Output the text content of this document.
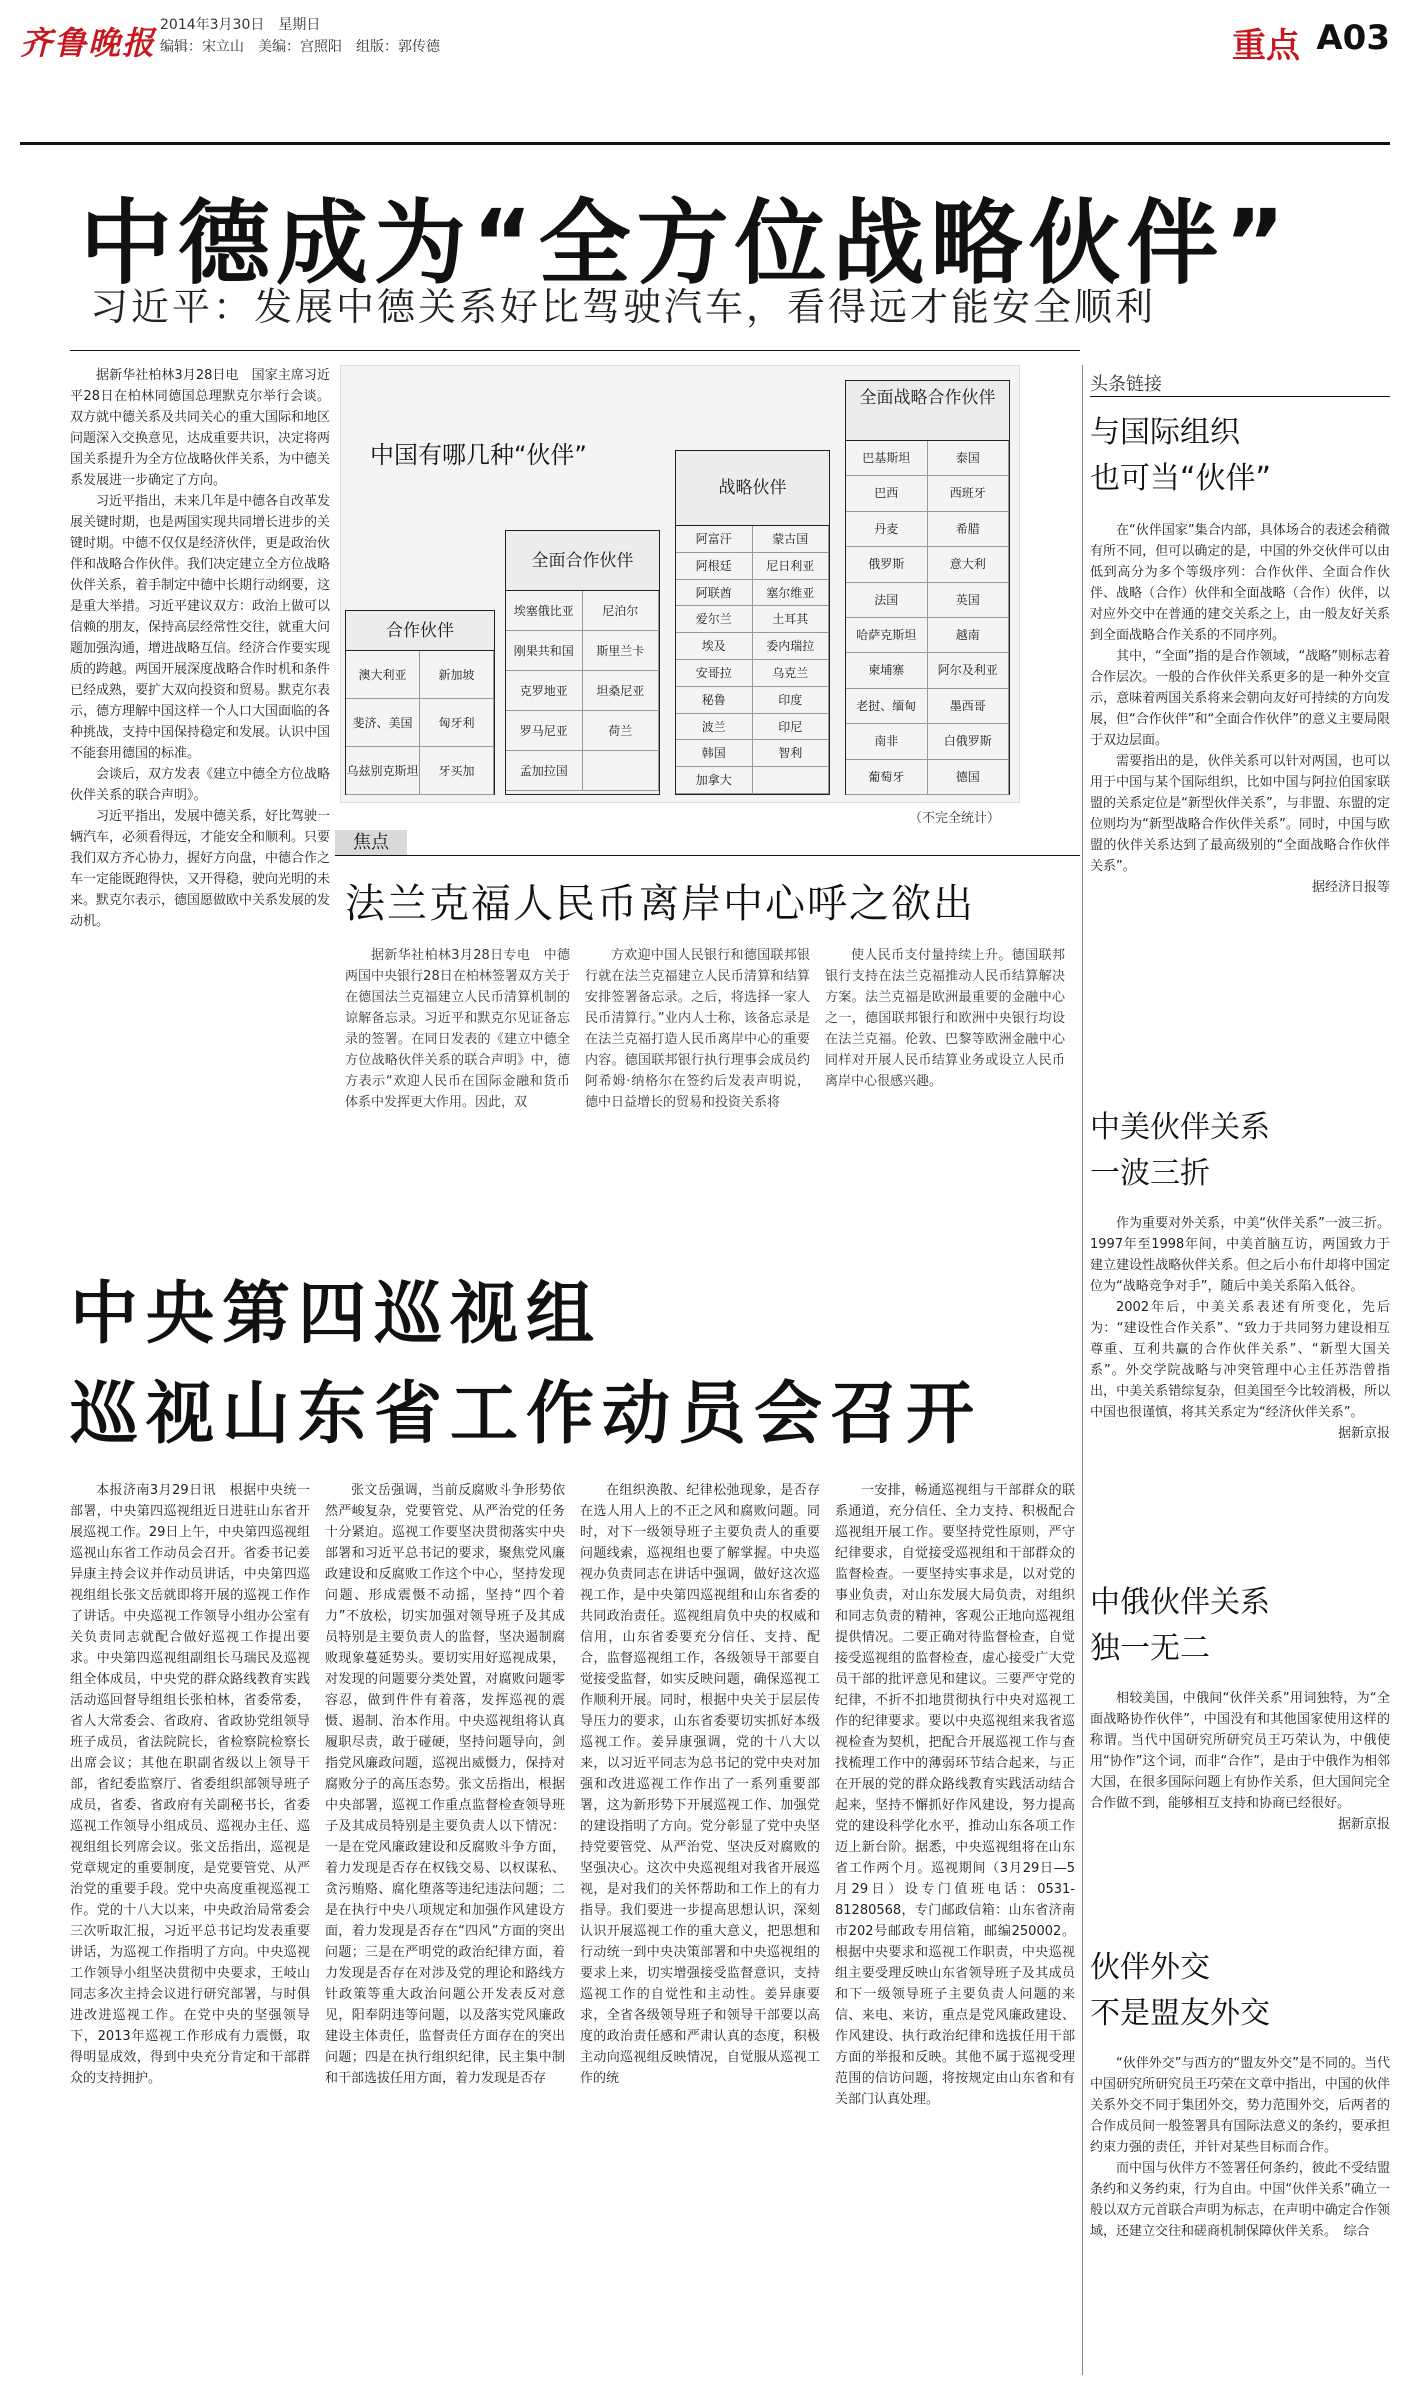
齐鲁晚报 2014年3月30日　星期日
编辑：宋立山　美编：宫照阳　组版：郭传德	重点 A03
中德成为“全方位战略伙伴”
习近平：发展中德关系好比驾驶汽车，看得远才能安全顺利

据新华社柏林3月28日电　国家主席习近平28日在柏林同德国总理默克尔举行会谈。双方就中德关系及共同关心的重大国际和地区问题深入交换意见，达成重要共识，决定将两国关系提升为全方位战略伙伴关系，为中德关系发展进一步确定了方向。

习近平指出，未来几年是中德各自改革发展关键时期，也是两国实现共同增长进步的关键时期。中德不仅仅是经济伙伴，更是政治伙伴和战略合作伙伴。我们决定建立全方位战略伙伴关系，着手制定中德中长期行动纲要，这是重大举措。习近平建议双方：政治上做可以信赖的朋友，保持高层经常性交往，就重大问题加强沟通，增进战略互信。经济合作要实现质的跨越。两国开展深度战略合作时机和条件已经成熟，要扩大双向投资和贸易。默克尔表示，德方理解中国这样一个人口大国面临的各种挑战，支持中国保持稳定和发展。认识中国不能套用德国的标准。

会谈后，双方发表《建立中德全方位战略伙伴关系的联合声明》。

习近平指出，发展中德关系，好比驾驶一辆汽车，必须看得远，才能安全和顺利。只要我们双方齐心协力，握好方向盘，中德合作之车一定能既跑得快，又开得稳，驶向光明的未来。默克尔表示，德国愿做欧中关系发展的发动机。

中国有哪几种“伙伴”
合作伙伴
澳大利亚	新加坡
斐济、美国	匈牙利
乌兹别克斯坦	牙买加
全面合作伙伴
埃塞俄比亚	尼泊尔
刚果共和国	斯里兰卡
克罗地亚	坦桑尼亚
罗马尼亚	荷兰
孟加拉国
战略伙伴
阿富汗	蒙古国
阿根廷	尼日利亚
阿联酋	塞尔维亚
爱尔兰	土耳其
埃及	委内瑞拉
安哥拉	乌克兰
秘鲁	印度
波兰	印尼
韩国	智利
加拿大
全面战略合作伙伴
巴基斯坦	泰国
巴西	西班牙
丹麦	希腊
俄罗斯	意大利
法国	英国
哈萨克斯坦	越南
柬埔寨	阿尔及利亚
老挝、缅甸	墨西哥
南非	白俄罗斯
葡萄牙	德国
（不完全统计）
焦点
法兰克福人民币离岸中心呼之欲出
据新华社柏林3月28日专电　中德两国中央银行28日在柏林签署双方关于在德国法兰克福建立人民币清算机制的谅解备忘录。习近平和默克尔见证备忘录的签署。在同日发表的《建立中德全方位战略伙伴关系的联合声明》中，德方表示“欢迎人民币在国际金融和货币体系中发挥更大作用。因此，双
方欢迎中国人民银行和德国联邦银行就在法兰克福建立人民币清算和结算安排签署备忘录。之后，将选择一家人民币清算行。”业内人士称，该备忘录是在法兰克福打造人民币离岸中心的重要内容。德国联邦银行执行理事会成员约阿希姆·纳格尔在签约后发表声明说，德中日益增长的贸易和投资关系将
使人民币支付量持续上升。德国联邦银行支持在法兰克福推动人民币结算解决方案。法兰克福是欧洲最重要的金融中心之一，德国联邦银行和欧洲中央银行均设在法兰克福。伦敦、巴黎等欧洲金融中心同样对开展人民币结算业务或设立人民币离岸中心很感兴趣。
中央第四巡视组
巡视山东省工作动员会召开
本报济南3月29日讯　根据中央统一部署，中央第四巡视组近日进驻山东省开展巡视工作。29日上午，中央第四巡视组巡视山东省工作动员会召开。省委书记姜异康主持会议并作动员讲话，中央第四巡视组组长张文岳就即将开展的巡视工作作了讲话。中央巡视工作领导小组办公室有关负责同志就配合做好巡视工作提出要求。中央第四巡视组副组长马瑞民及巡视组全体成员，中央党的群众路线教育实践活动巡回督导组组长张柏林，省委常委，省人大常委会、省政府、省政协党组领导班子成员，省法院院长，省检察院检察长出席会议；其他在职副省级以上领导干部，省纪委监察厅、省委组织部领导班子成员，省委、省政府有关副秘书长，省委巡视工作领导小组成员、巡视办主任、巡视组组长列席会议。张文岳指出，巡视是党章规定的重要制度，是党要管党、从严治党的重要手段。党中央高度重视巡视工作。党的十八大以来，中央政治局常委会三次听取汇报，习近平总书记均发表重要讲话，为巡视工作指明了方向。中央巡视工作领导小组坚决贯彻中央要求，王岐山同志多次主持会议进行研究部署，与时俱进改进巡视工作。在党中央的坚强领导下，2013年巡视工作形成有力震慑，取得明显成效，得到中央充分肯定和干部群众的支持拥护。
张文岳强调，当前反腐败斗争形势依然严峻复杂，党要管党、从严治党的任务十分紧迫。巡视工作要坚决贯彻落实中央部署和习近平总书记的要求，聚焦党风廉政建设和反腐败工作这个中心，坚持发现问题、形成震慑不动摇，坚持“四个着力”不放松，切实加强对领导班子及其成员特别是主要负责人的监督，坚决遏制腐败现象蔓延势头。要切实用好巡视成果，对发现的问题要分类处置，对腐败问题零容忍，做到件件有着落，发挥巡视的震慑、遏制、治本作用。中央巡视组将认真履职尽责，敢于碰硬，坚持问题导向，剑指党风廉政问题，巡视出威慑力，保持对腐败分子的高压态势。张文岳指出，根据中央部署，巡视工作重点监督检查领导班子及其成员特别是主要负责人以下情况：一是在党风廉政建设和反腐败斗争方面，着力发现是否存在权钱交易、以权谋私、贪污贿赂、腐化堕落等违纪违法问题；二是在执行中央八项规定和加强作风建设方面，着力发现是否存在“四风”方面的突出问题；三是在严明党的政治纪律方面，着力发现是否存在对涉及党的理论和路线方针政策等重大政治问题公开发表反对意见，阳奉阴违等问题，以及落实党风廉政建设主体责任，监督责任方面存在的突出问题；四是在执行组织纪律，民主集中制和干部选拔任用方面，着力发现是否存
在组织涣散、纪律松弛现象，是否存在选人用人上的不正之风和腐败问题。同时，对下一级领导班子主要负责人的重要问题线索，巡视组也要了解掌握。中央巡视办负责同志在讲话中强调，做好这次巡视工作，是中央第四巡视组和山东省委的共同政治责任。巡视组肩负中央的权威和信用，山东省委要充分信任、支持、配合，监督巡视组工作，各级领导干部要自觉接受监督，如实反映问题，确保巡视工作顺利开展。同时，根据中央关于层层传导压力的要求，山东省委要切实抓好本级巡视工作。姜异康强调，党的十八大以来，以习近平同志为总书记的党中央对加强和改进巡视工作作出了一系列重要部署，这为新形势下开展巡视工作、加强党的建设指明了方向。党分彰显了党中央坚持党要管党、从严治党、坚决反对腐败的坚强决心。这次中央巡视组对我省开展巡视，是对我们的关怀帮助和工作上的有力指导。我们要进一步提高思想认识，深刻认识开展巡视工作的重大意义，把思想和行动统一到中央决策部署和中央巡视组的要求上来，切实增强接受监督意识，支持巡视工作的自觉性和主动性。姜异康要求，全省各级领导班子和领导干部要以高度的政治责任感和严肃认真的态度，积极主动向巡视组反映情况，自觉服从巡视工作的统
一安排，畅通巡视组与干部群众的联系通道，充分信任、全力支持、积极配合巡视组开展工作。要坚持党性原则，严守纪律要求，自觉接受巡视组和干部群众的监督检查。一要坚持实事求是，以对党的事业负责，对山东发展大局负责，对组织和同志负责的精神，客观公正地向巡视组提供情况。二要正确对待监督检查，自觉接受巡视组的监督检查，虚心接受广大党员干部的批评意见和建议。三要严守党的纪律，不折不扣地贯彻执行中央对巡视工作的纪律要求。要以中央巡视组来我省巡视检查为契机，把配合开展巡视工作与查找梳理工作中的薄弱环节结合起来，与正在开展的党的群众路线教育实践活动结合起来，坚持不懈抓好作风建设，努力提高党的建设科学化水平，推动山东各项工作迈上新台阶。据悉，中央巡视组将在山东省工作两个月。巡视期间（3月29日—5月29日）设专门值班电话：0531-81280568，专门邮政信箱：山东省济南市202号邮政专用信箱，邮编250002。根据中央要求和巡视工作职责，中央巡视组主要受理反映山东省领导班子及其成员和下一级领导班子主要负责人问题的来信、来电、来访，重点是党风廉政建设、作风建设、执行政治纪律和选拔任用干部方面的举报和反映。其他不属于巡视受理范围的信访问题，将按规定由山东省和有关部门认真处理。
头条链接
与国际组织
也可当“伙伴”

在“伙伴国家”集合内部，具体场合的表述会稍微有所不同，但可以确定的是，中国的外交伙伴可以由低到高分为多个等级序列：合作伙伴、全面合作伙伴、战略（合作）伙伴和全面战略（合作）伙伴，以对应外交中在普通的建交关系之上，由一般友好关系到全面战略合作关系的不同序列。

其中，“全面”指的是合作领域，“战略”则标志着合作层次。一般的合作伙伴关系更多的是一种外交宣示，意味着两国关系将来会朝向友好可持续的方向发展，但“合作伙伴”和“全面合作伙伴”的意义主要局限于双边层面。

需要指出的是，伙伴关系可以针对两国，也可以用于中国与某个国际组织，比如中国与阿拉伯国家联盟的关系定位是“新型伙伴关系”，与非盟、东盟的定位则均为“新型战略合作伙伴关系”。同时，中国与欧盟的伙伴关系达到了最高级别的“全面战略合作伙伴关系”。

据经济日报等
中美伙伴关系
一波三折

作为重要对外关系，中美“伙伴关系”一波三折。1997年至1998年间，中美首脑互访，两国致力于建立建设性战略伙伴关系。但之后小布什却将中国定位为“战略竞争对手”，随后中美关系陷入低谷。

2002年后，中美关系表述有所变化，先后为：“建设性合作关系”、“致力于共同努力建设相互尊重、互利共赢的合作伙伴关系”、“新型大国关系”。外交学院战略与冲突管理中心主任苏浩曾指出，中美关系错综复杂，但美国至今比较消极，所以中国也很谨慎，将其关系定为“经济伙伴关系”。

据新京报
中俄伙伴关系
独一无二

相较美国，中俄间“伙伴关系”用词独特，为“全面战略协作伙伴”，中国没有和其他国家使用这样的称谓。当代中国研究所研究员王巧荣认为，中俄使用“协作”这个词，而非“合作”，是由于中俄作为相邻大国，在很多国际问题上有协作关系，但大国间完全合作做不到，能够相互支持和协商已经很好。

据新京报
伙伴外交
不是盟友外交

“伙伴外交”与西方的“盟友外交”是不同的。当代中国研究所研究员王巧荣在文章中指出，中国的伙伴关系外交不同于集团外交，势力范围外交，后两者的合作成员间一般签署具有国际法意义的条约，要承担约束力强的责任，并针对某些目标而合作。

而中国与伙伴方不签署任何条约，彼此不受结盟条约和义务约束，行为自由。中国“伙伴关系”确立一般以双方元首联合声明为标志，在声明中确定合作领域，还建立交往和磋商机制保障伙伴关系。　综合
